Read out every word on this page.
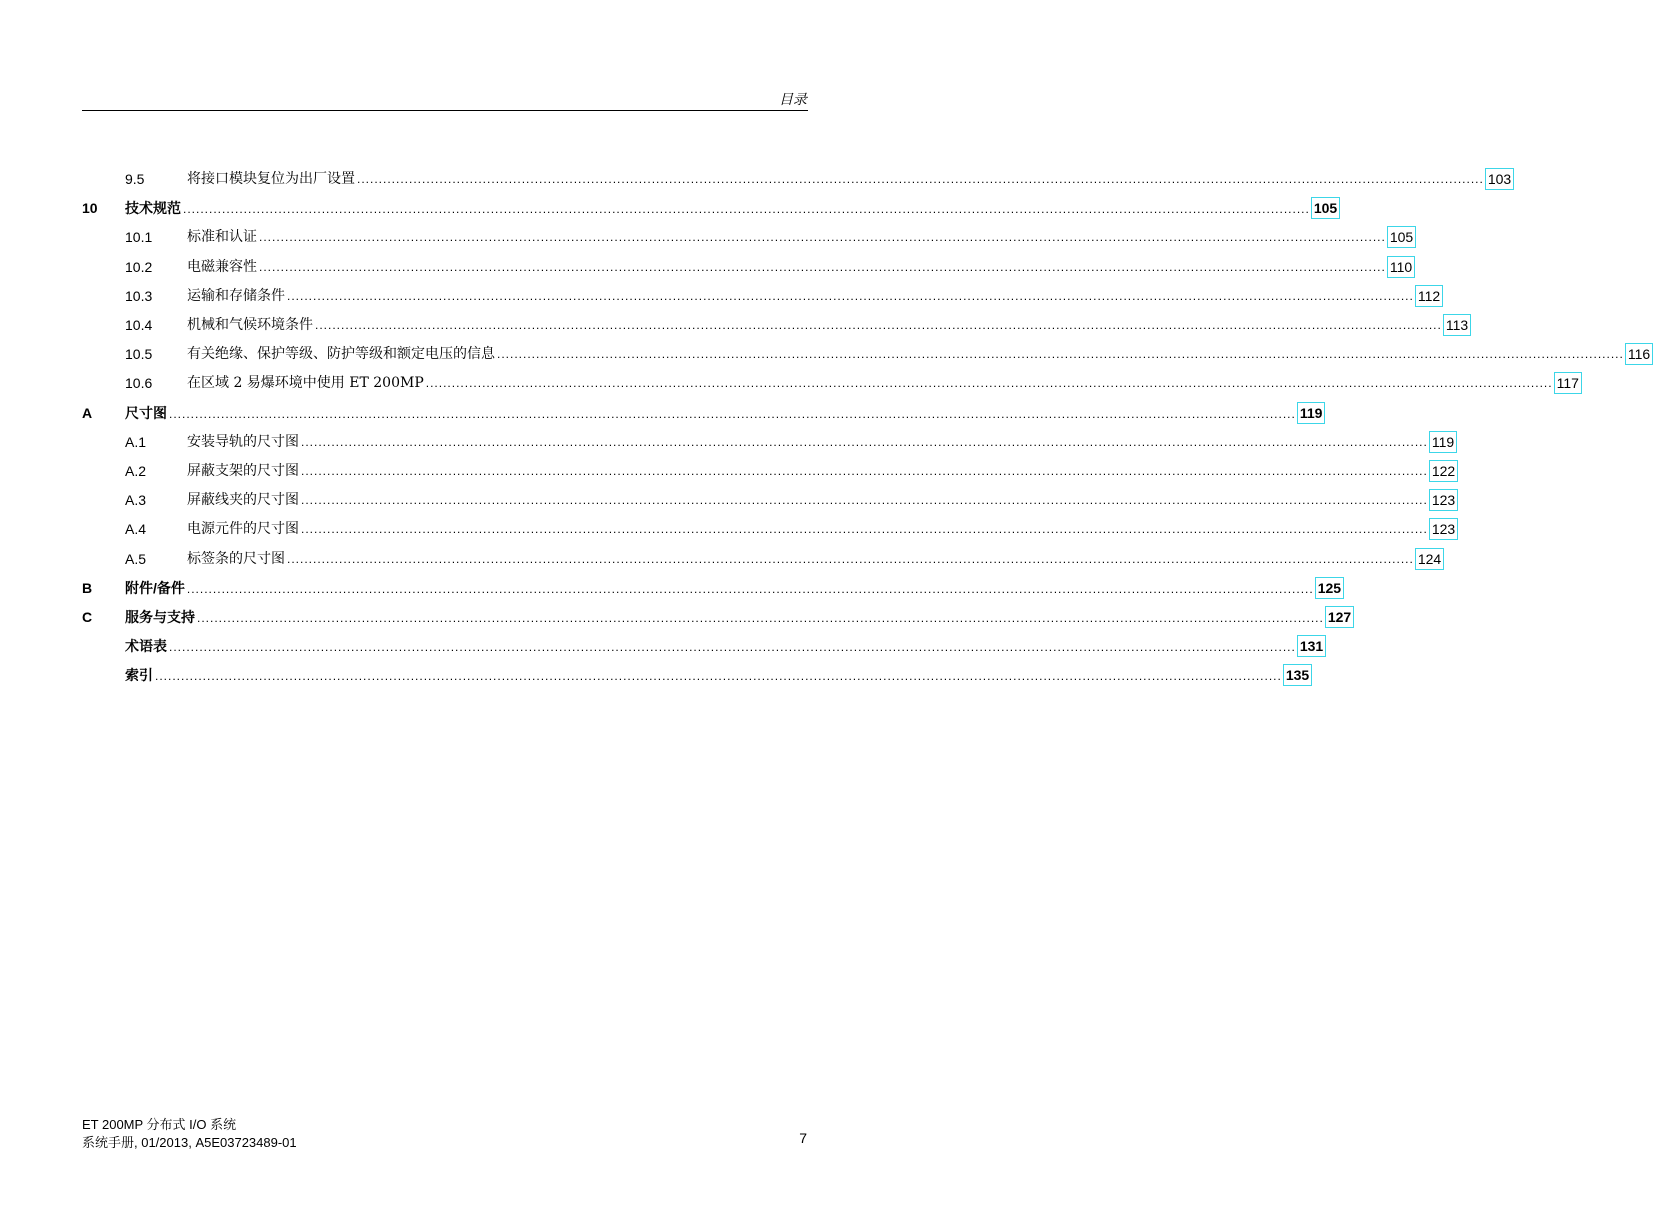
目录
9.5	将接口模块复位为出厂设置 .................................................................................................................................................................................................................................................................... 103
10 技术规范 .................................................................................................................................................................................................................................................................... 105
10.1 标准和认证 .................................................................................................................................................................................................................................................................... 105
10.2 电磁兼容性 .................................................................................................................................................................................................................................................................... 110
10.3 运输和存储条件 .................................................................................................................................................................................................................................................................... 112
10.4 机械和气候环境条件 .................................................................................................................................................................................................................................................................... 113
10.5 有关绝缘、保护等级、防护等级和额定电压的信息 .................................................................................................................................................................................................................................................................... 116
10.6 在区域 2 易爆环境中使用 ET 200MP .................................................................................................................................................................................................................................................................... 117
A 尺寸图 .................................................................................................................................................................................................................................................................... 119
A.1	安装导轨的尺寸图 .................................................................................................................................................................................................................................................................... 119
A.2	屏蔽支架的尺寸图 .................................................................................................................................................................................................................................................................... 122
A.3	屏蔽线夹的尺寸图 .................................................................................................................................................................................................................................................................... 123
A.4	电源元件的尺寸图 .................................................................................................................................................................................................................................................................... 123
A.5	标签条的尺寸图 .................................................................................................................................................................................................................................................................... 124
B 附件/备件 .................................................................................................................................................................................................................................................................... 125
C 服务与支持 .................................................................................................................................................................................................................................................................... 127
术语表 .................................................................................................................................................................................................................................................................... 131
索引 .................................................................................................................................................................................................................................................................... 135
ET 200MP 分布式 I/O 系统
系统手册, 01/2013, A5E03723489-01	7
